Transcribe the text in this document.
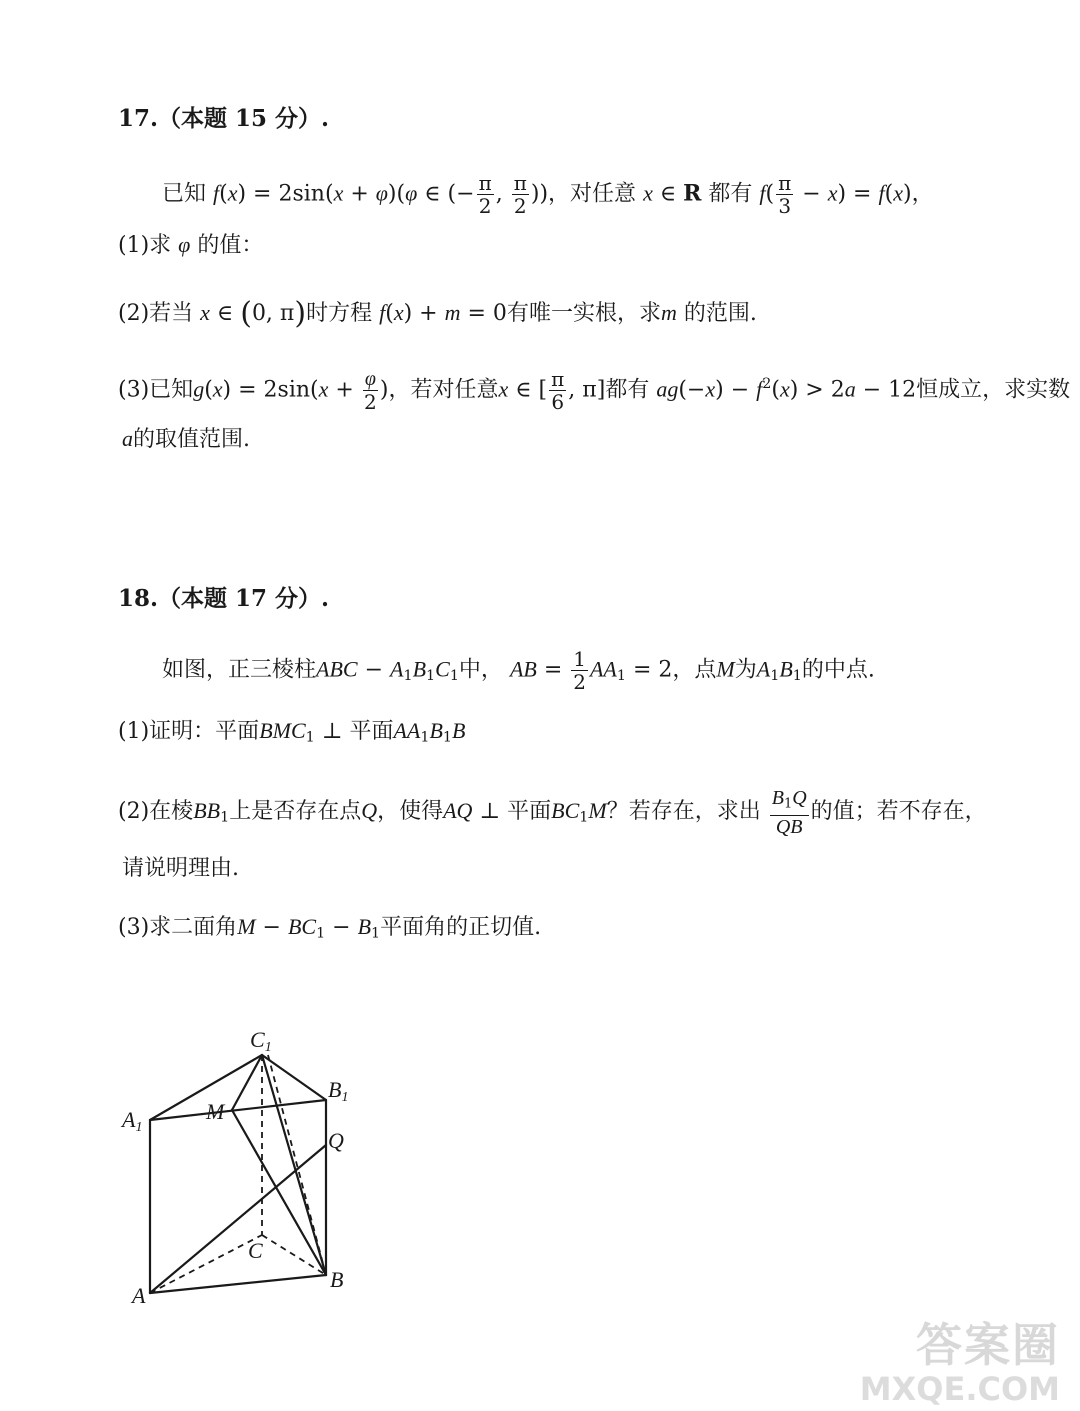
17.（本题 15 分）.
已知 f(x) = 2sin(x + φ)(φ ∈ (− $\frac{\pi}{2}$ , $\frac{\pi}{2}$ ))，对任意 x ∈ R 都有 $f( \frac{\pi}{3} - x) = f(x)$，
(1)求 φ 的值：
(2)若当 x ∈ (0, π)时方程 f(x) + m = 0有唯一实根，求m 的范围.
(3)已知$g(x) = 2\sin(x + \frac{\varphi}{2}$ )，若对任意x ∈ [ $\frac{\pi}{6}$ , π]都有 $ag(-x) - f^2(x) > 2a - 12$恒成立，求实数
a的取值范围.
18.（本题 17 分）.
如图，正三棱柱ABC − $A_1B_1C_1$中， AB = $\frac{1}{2} AA_1 = 2$，点M为$A_1B_1$的中点.
(1)证明：平面$BMC_1$ ⊥ 平面$AA_1B_1B$
(2)在棱$BB_1$上是否存在点Q，使得AQ ⊥ 平面$BC_1M$？若存在，求出 $\frac{B_1Q}{QB}$ 的值；若不存在，
请说明理由.
(3)求二面角$M - BC_1 - B_1$平面角的正切值.
C1
A1
B1
M
Q
C
A
B
答案圈
MXQE.COM
